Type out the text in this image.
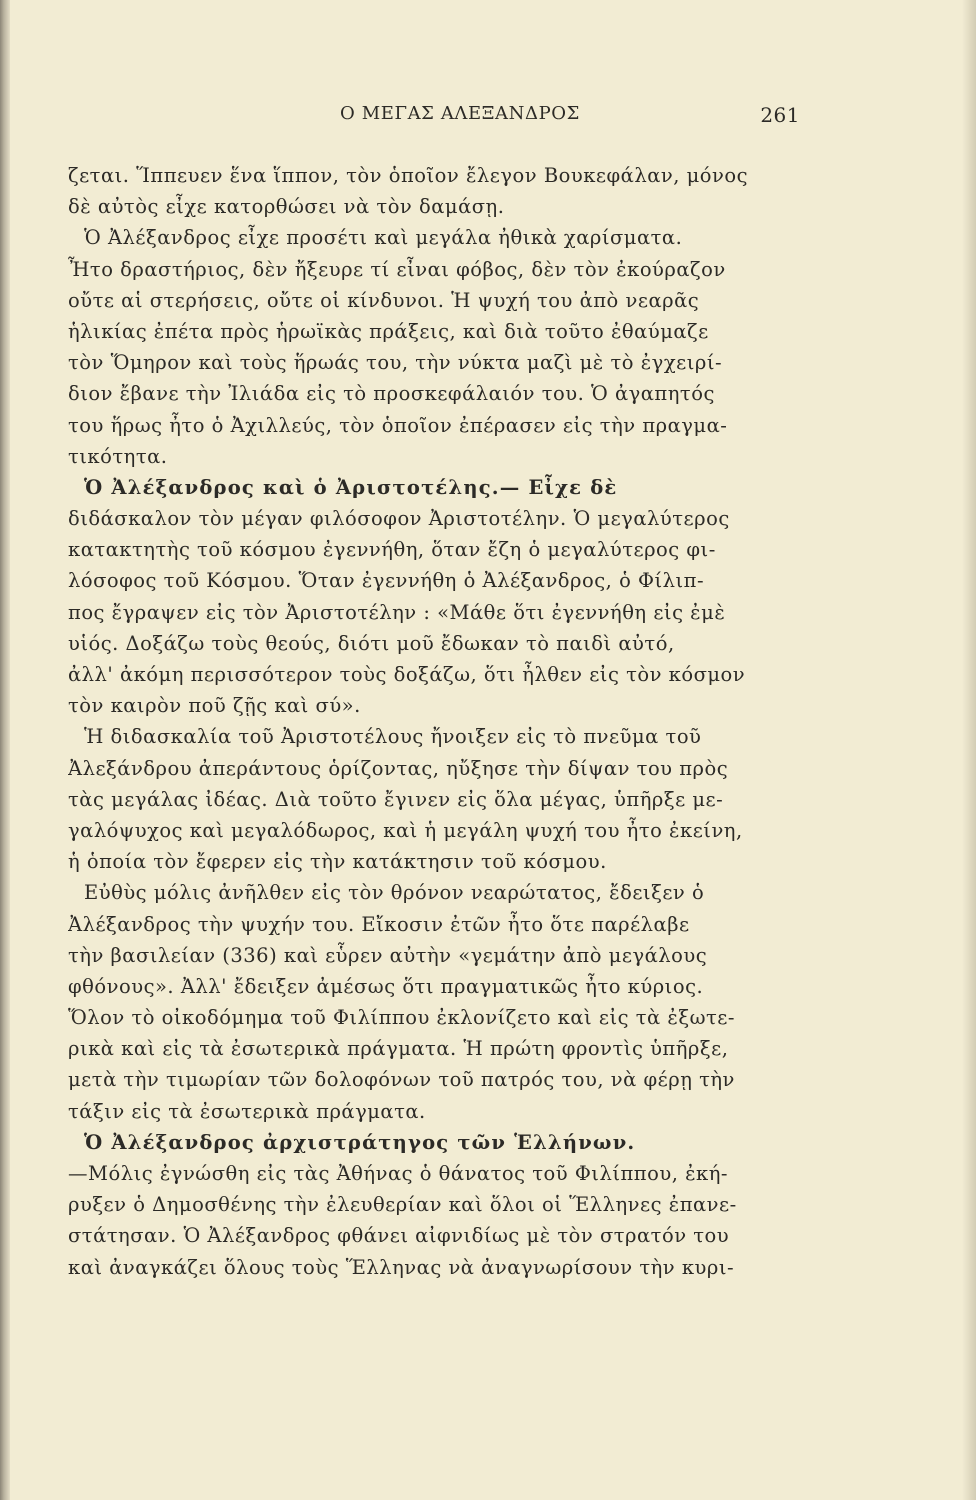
Ο ΜΕΓΑΣ ΑΛΕΞΑΝΔΡΟΣ	261
ζεται. Ἵππευεν ἕνα ἵππον, τὸν ὁποῖον ἔλεγον Βουκεφάλαν, μόνος
δὲ αὐτὸς εἶχε κατορθώσει νὰ τὸν δαμάσῃ.
Ὁ Ἀλέξανδρος εἶχε προσέτι καὶ μεγάλα ἠθικὰ χαρίσματα.
Ἦτο δραστήριος, δὲν ἤξευρε τί εἶναι φόβος, δὲν τὸν ἐκούραζον
οὔτε αἱ στερήσεις, οὔτε οἱ κίνδυνοι. Ἡ ψυχή του ἀπὸ νεαρᾶς
ἡλικίας ἐπέτα πρὸς ἡρωϊκὰς πράξεις, καὶ διὰ τοῦτο ἐθαύμαζε
τὸν Ὅμηρον καὶ τοὺς ἥρωάς του, τὴν νύκτα μαζὶ μὲ τὸ ἐγχειρί-
διον ἔβανε τὴν Ἰλιάδα εἰς τὸ προσκεφάλαιόν του. Ὁ ἀγαπητός
του ἥρως ἦτο ὁ Ἀχιλλεύς, τὸν ὁποῖον ἐπέρασεν εἰς τὴν πραγμα-
τικότητα.
Ὁ Ἀλέξανδρος καὶ ὁ Ἀριστοτέλης.— Εἶχε δὲ
διδάσκαλον τὸν μέγαν φιλόσοφον Ἀριστοτέλην. Ὁ μεγαλύτερος
κατακτητὴς τοῦ κόσμου ἐγεννήθη, ὅταν ἔζη ὁ μεγαλύτερος φι-
λόσοφος τοῦ Κόσμου. Ὅταν ἐγεννήθη ὁ Ἀλέξανδρος, ὁ Φίλιπ-
πος ἔγραψεν εἰς τὸν Ἀριστοτέλην : «Μάθε ὅτι ἐγεννήθη εἰς ἐμὲ
υἱός. Δοξάζω τοὺς θεούς, διότι μοῦ ἔδωκαν τὸ παιδὶ αὐτό,
ἀλλ' ἀκόμη περισσότερον τοὺς δοξάζω, ὅτι ἦλθεν εἰς τὸν κόσμον
τὸν καιρὸν ποῦ ζῇς καὶ σύ».
Ἡ διδασκαλία τοῦ Ἀριστοτέλους ἤνοιξεν εἰς τὸ πνεῦμα τοῦ
Ἀλεξάνδρου ἀπεράντους ὁρίζοντας, ηὔξησε τὴν δίψαν του πρὸς
τὰς μεγάλας ἰδέας. Διὰ τοῦτο ἔγινεν εἰς ὅλα μέγας, ὑπῆρξε με-
γαλόψυχος καὶ μεγαλόδωρος, καὶ ἡ μεγάλη ψυχή του ἦτο ἐκείνη,
ἡ ὁποία τὸν ἔφερεν εἰς τὴν κατάκτησιν τοῦ κόσμου.
Εὐθὺς μόλις ἀνῆλθεν εἰς τὸν θρόνον νεαρώτατος, ἔδειξεν ὁ
Ἀλέξανδρος τὴν ψυχήν του. Εἴκοσιν ἐτῶν ἦτο ὅτε παρέλαβε
τὴν βασιλείαν (336) καὶ εὗρεν αὐτὴν «γεμάτην ἀπὸ μεγάλους
φθόνους». Ἀλλ' ἔδειξεν ἀμέσως ὅτι πραγματικῶς ἦτο κύριος.
Ὅλον τὸ οἰκοδόμημα τοῦ Φιλίππου ἐκλονίζετο καὶ εἰς τὰ ἐξωτε-
ρικὰ καὶ εἰς τὰ ἐσωτερικὰ πράγματα. Ἡ πρώτη φροντὶς ὑπῆρξε,
μετὰ τὴν τιμωρίαν τῶν δολοφόνων τοῦ πατρός του, νὰ φέρῃ τὴν
τάξιν εἰς τὰ ἐσωτερικὰ πράγματα.
Ὁ Ἀλέξανδρος ἀρχιστράτηγος τῶν Ἑλλήνων.
—Μόλις ἐγνώσθη εἰς τὰς Ἀθήνας ὁ θάνατος τοῦ Φιλίππου, ἐκή-
ρυξεν ὁ Δημοσθένης τὴν ἐλευθερίαν καὶ ὅλοι οἱ Ἕλληνες ἐπανε-
στάτησαν. Ὁ Ἀλέξανδρος φθάνει αἰφνιδίως μὲ τὸν στρατόν του
καὶ ἀναγκάζει ὅλους τοὺς Ἕλληνας νὰ ἀναγνωρίσουν τὴν κυρι-
